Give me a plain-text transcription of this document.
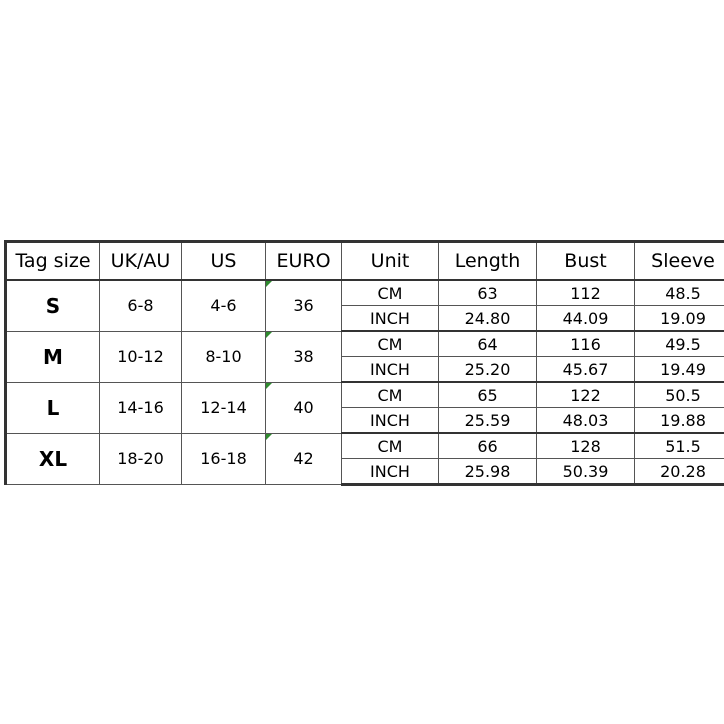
Tag size	UK/AU	US	EURO	Unit	Length	Bust	Sleeve
S	6-8	4-6	36	CM	63	112	48.5
				INCH	24.80	44.09	19.09
M	10-12	8-10	38	CM	64	116	49.5
				INCH	25.20	45.67	19.49
L	14-16	12-14	40	CM	65	122	50.5
				INCH	25.59	48.03	19.88
XL	18-20	16-18	42	CM	66	128	51.5
				INCH	25.98	50.39	20.28
